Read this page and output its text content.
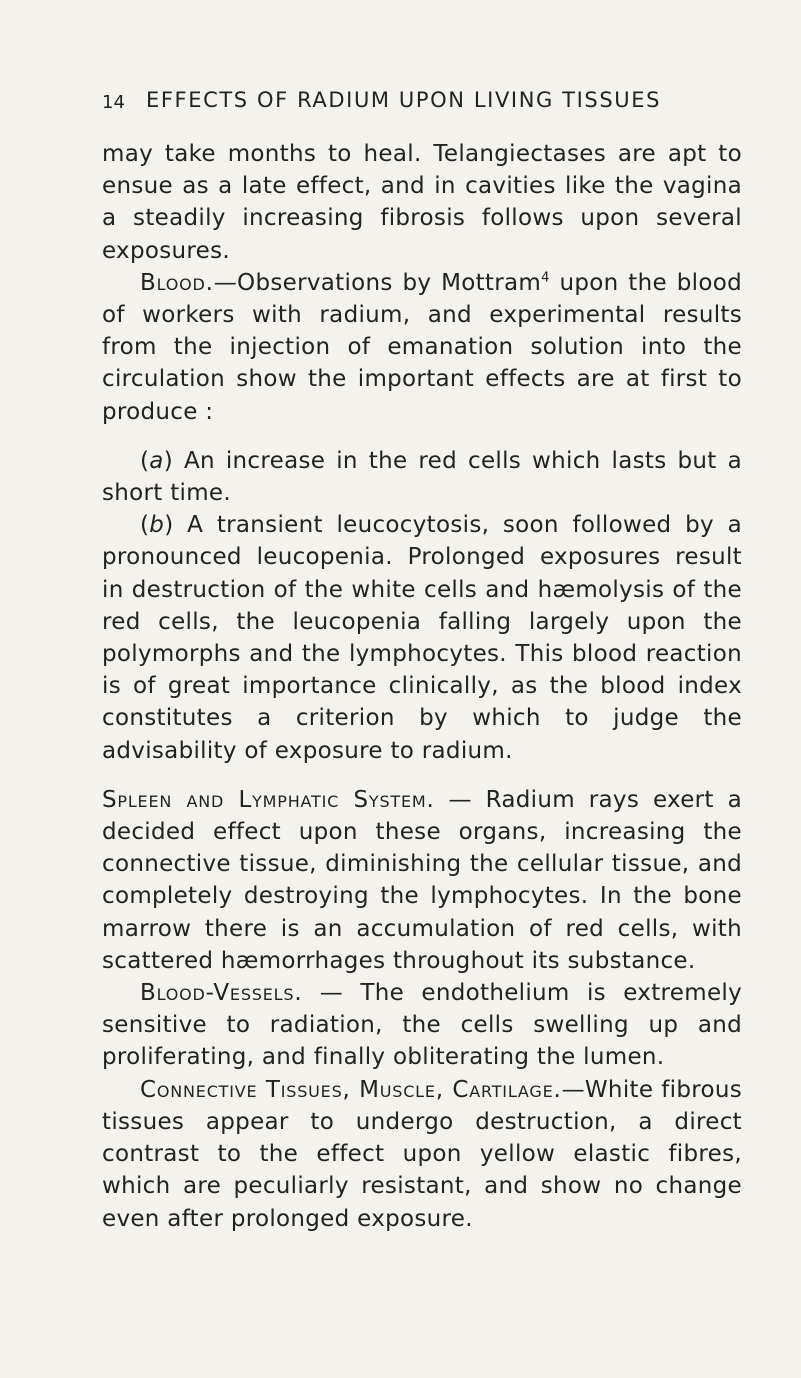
14 EFFECTS OF RADIUM UPON LIVING TISSUES

may take months to heal. Telangiectases are apt to ensue as a late effect, and in cavities like the vagina a steadily increasing fibrosis follows upon several exposures.

Blood.—Observations by Mottram$^4$ upon the blood of workers with radium, and experimental results from the injection of emanation solution into the circulation show the important effects are at first to produce :

(a) An increase in the red cells which lasts but a short time.

(b) A transient leucocytosis, soon followed by a pronounced leucopenia. Prolonged exposures result in destruction of the white cells and hæmolysis of the red cells, the leucopenia falling largely upon the polymorphs and the lymphocytes. This blood reaction is of great importance clinically, as the blood index constitutes a criterion by which to judge the advisability of exposure to radium.

Spleen and Lymphatic System. — Radium rays exert a decided effect upon these organs, increasing the connective tissue, diminishing the cellular tissue, and completely destroying the lymphocytes. In the bone marrow there is an accumulation of red cells, with scattered hæmorrhages throughout its substance.

Blood-Vessels. — The endothelium is extremely sensitive to radiation, the cells swelling up and proliferating, and finally obliterating the lumen.

Connective Tissues, Muscle, Cartilage.—White fibrous tissues appear to undergo destruction, a direct contrast to the effect upon yellow elastic fibres, which are peculiarly resistant, and show no change even after prolonged exposure.
